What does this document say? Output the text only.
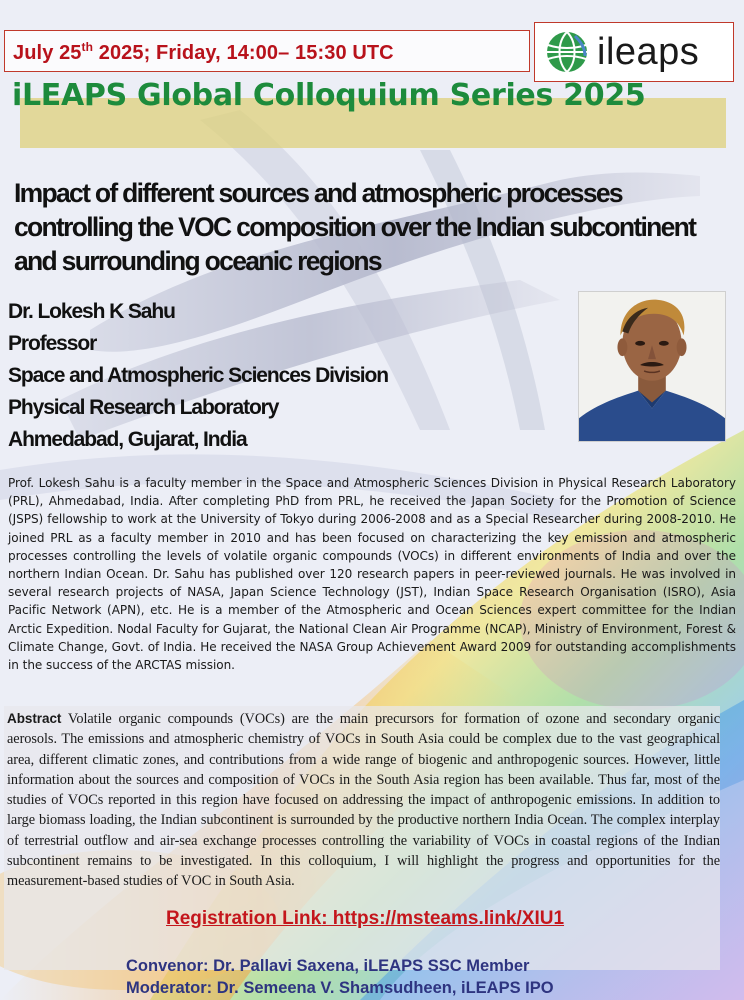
July 25th 2025; Friday, 14:00– 15:30 UTC	ileaps
iLEAPS Global Colloquium Series 2025
Impact of different sources and atmospheric processes
controlling the VOC composition over the Indian subcontinent
and surrounding oceanic regions
Dr. Lokesh K Sahu
Professor
Space and Atmospheric Sciences Division
Physical Research Laboratory
Ahmedabad, Gujarat, India
Prof. Lokesh Sahu is a faculty member in the Space and Atmospheric Sciences Division in Physical Research Laboratory (PRL), Ahmedabad, India. After completing PhD from PRL, he received the Japan Society for the Promotion of Science (JSPS) fellowship to work at the University of Tokyo during 2006-2008 and as a Special Researcher during 2008-2010. He joined PRL as a faculty member in 2010 and has been focused on characterizing the key emission and atmospheric processes controlling the levels of volatile organic compounds (VOCs) in different environments of India and over the northern Indian Ocean. Dr. Sahu has published over 120 research papers in peer-reviewed journals. He was involved in several research projects of NASA, Japan Science Technology (JST), Indian Space Research Organisation (ISRO), Asia Pacific Network (APN), etc. He is a member of the Atmospheric and Ocean Sciences expert committee for the Indian Arctic Expedition. Nodal Faculty for Gujarat, the National Clean Air Programme (NCAP), Ministry of Environment, Forest & Climate Change, Govt. of India. He received the NASA Group Achievement Award 2009 for outstanding accomplishments in the success of the ARCTAS mission.
Abstract Volatile organic compounds (VOCs) are the main precursors for formation of ozone and secondary organic aerosols. The emissions and atmospheric chemistry of VOCs in South Asia could be complex due to the vast geographical area, different climatic zones, and contributions from a wide range of biogenic and anthropogenic sources. However, little information about the sources and composition of VOCs in the South Asia region has been available. Thus far, most of the studies of VOCs reported in this region have focused on addressing the impact of anthropogenic emissions. In addition to large biomass loading, the Indian subcontinent is surrounded by the productive northern India Ocean. The complex interplay of terrestrial outflow and air-sea exchange processes controlling the variability of VOCs in coastal regions of the Indian subcontinent remains to be investigated. In this colloquium, I will highlight the progress and opportunities for the measurement-based studies of VOC in South Asia.
Registration Link: https://msteams.link/XIU1
Convenor: Dr. Pallavi Saxena, iLEAPS SSC Member
Moderator: Dr. Semeena V. Shamsudheen, iLEAPS IPO
